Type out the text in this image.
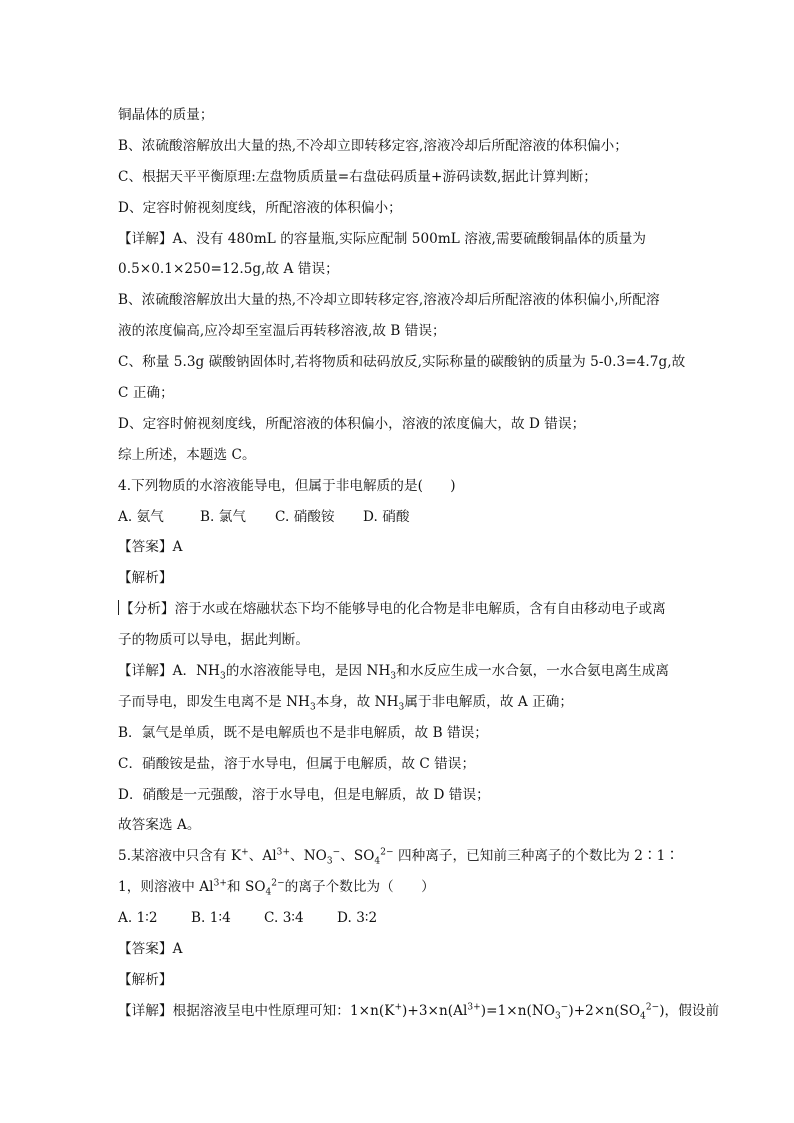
铜晶体的质量；
B、浓硫酸溶解放出大量的热,不冷却立即转移定容,溶液冷却后所配溶液的体积偏小；
C、根据天平平衡原理:左盘物质质量=右盘砝码质量+游码读数,据此计算判断；
D、定容时俯视刻度线，所配溶液的体积偏小；
【详解】A、没有 480mL 的容量瓶,实际应配制 500mL 溶液,需要硫酸铜晶体的质量为
0.5×0.1×250=12.5g,故 A 错误；
B、浓硫酸溶解放出大量的热,不冷却立即转移定容,溶液冷却后所配溶液的体积偏小,所配溶
液的浓度偏高,应冷却至室温后再转移溶液,故 B 错误；
C、称量 5.3g 碳酸钠固体时,若将物质和砝码放反,实际称量的碳酸钠的质量为 5-0.3=4.7g,故
C 正确；
D、定容时俯视刻度线，所配溶液的体积偏小，溶液的浓度偏大，故 D 错误；
综上所述，本题选 C。
4.下列物质的水溶液能导电，但属于非电解质的是(　　)
A. 氨气	B. 氯气 C. 硝酸铵 D. 硝酸
【答案】A
【解析】
【分析】溶于水或在熔融状态下均不能够导电的化合物是非电解质，含有自由移动电子或离
子的物质可以导电，据此判断。
【详解】A．$NH_3$的水溶液能导电，是因 $NH_3$和水反应生成一水合氨，一水合氨电离生成离
子而导电，即发生电离不是 $NH_3$本身，故 $NH_3$属于非电解质，故 A 正确；
B．氯气是单质，既不是电解质也不是非电解质，故 B 错误；
C．硝酸铵是盐，溶于水导电，但属于电解质，故 C 错误；
D．硝酸是一元强酸，溶于水导电，但是电解质，故 D 错误；
故答案选 A。
5.某溶液中只含有 K+、$Al^{3+}$、$NO_3^-$、$SO_4^{2-}$ 四种离子，已知前三种离子的个数比为 2∶1∶
1，则溶液中 $Al^{3+}$和 $SO_4^{2-}$的离子个数比为（　　）
A. 1∶2 B. 1∶4 C. 3∶4 D. 3∶2
【答案】A
【解析】
【详解】根据溶液呈电中性原理可知：$1\times n(K^+)+3\times n(Al^{3+})=1\times n(NO_3^-)+2\times n(SO_4^{2-})$，假设前
